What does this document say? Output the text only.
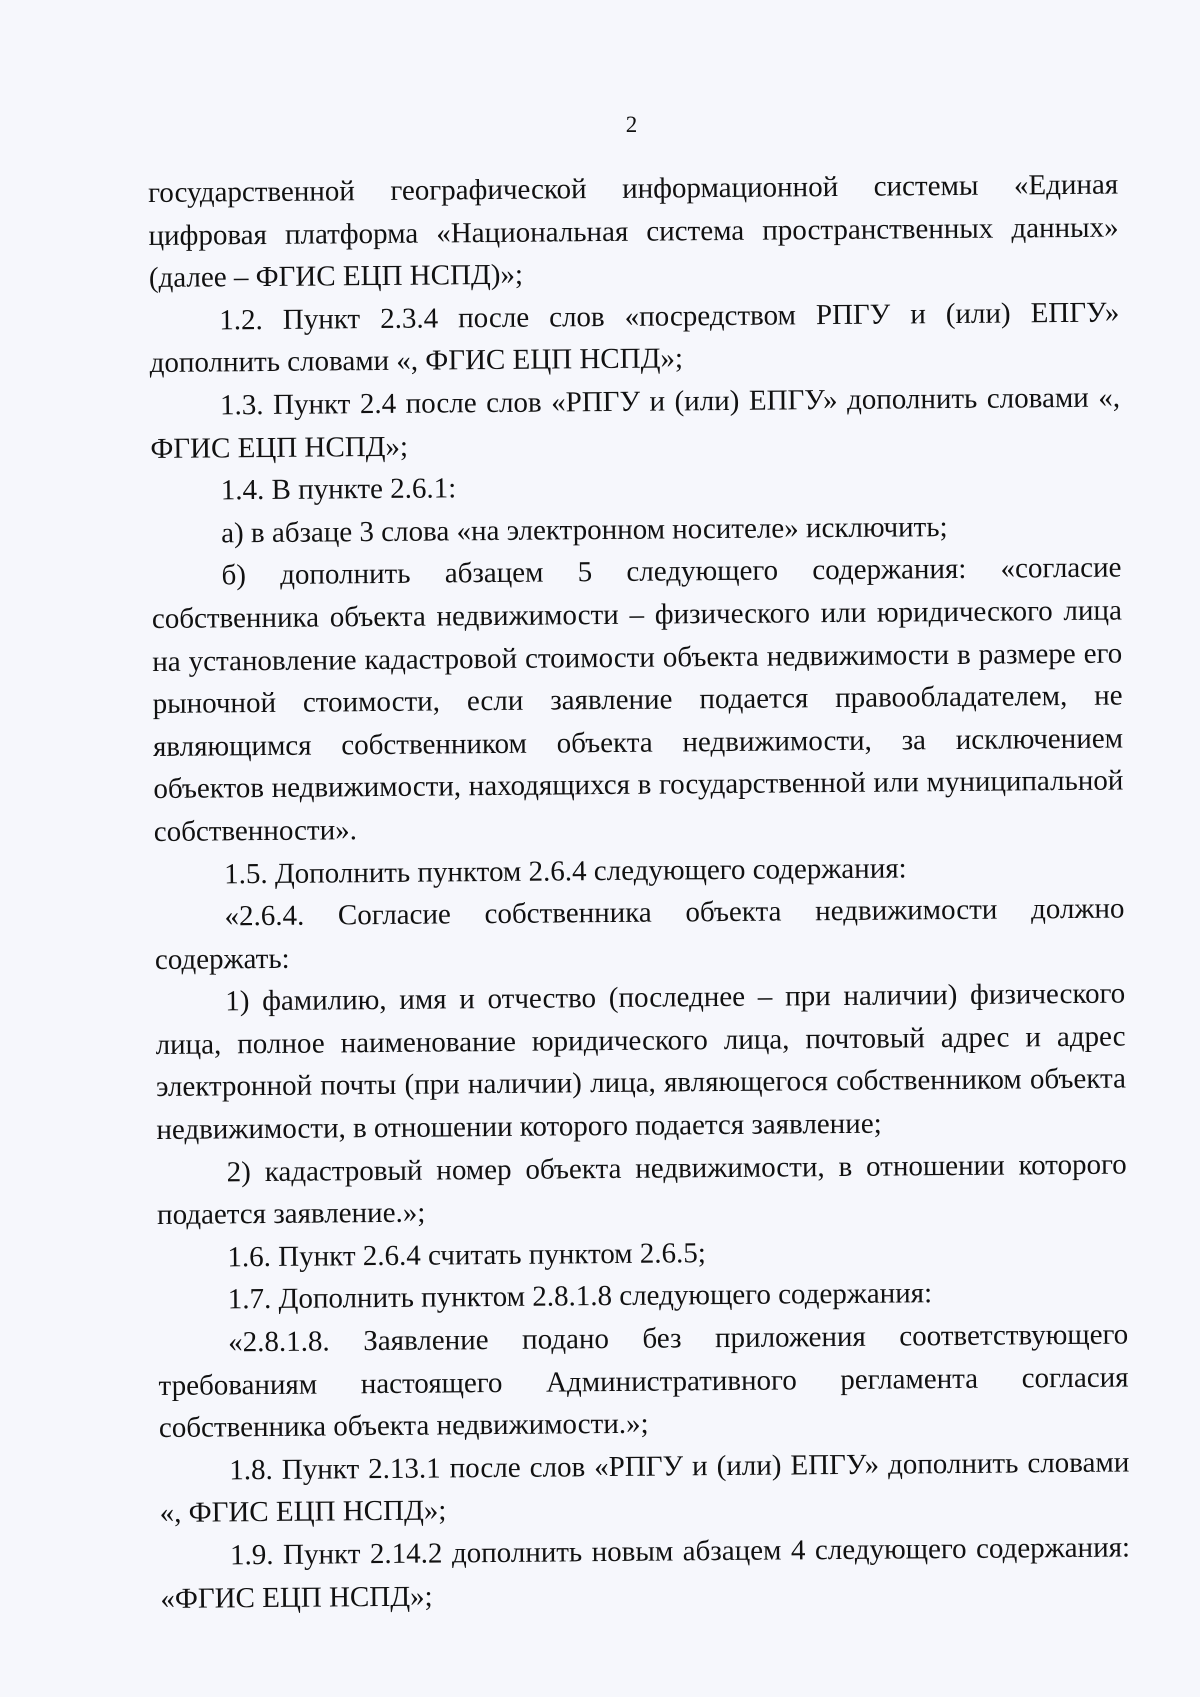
2

государственной географической информационной системы «Единая цифровая платформа «Национальная система пространственных данных» (далее – ФГИС ЕЦП НСПД)»;

1.2. Пункт 2.3.4 после слов «посредством РПГУ и (или) ЕПГУ» дополнить словами «, ФГИС ЕЦП НСПД»;

1.3. Пункт 2.4 после слов «РПГУ и (или) ЕПГУ» дополнить словами «, ФГИС ЕЦП НСПД»;

1.4. В пункте 2.6.1:

а) в абзаце 3 слова «на электронном носителе» исключить;

б) дополнить абзацем 5 следующего содержания: «согласие собственника объекта недвижимости – физического или юридического лица на установление кадастровой стоимости объекта недвижимости в размере его рыночной стоимости, если заявление подается правообладателем, не являющимся собственником объекта недвижимости, за исключением объектов недвижимости, находящихся в государственной или муниципальной собственности».

1.5. Дополнить пунктом 2.6.4 следующего содержания:

«2.6.4. Согласие собственника объекта недвижимости должно содержать:

1) фамилию, имя и отчество (последнее – при наличии) физического лица, полное наименование юридического лица, почтовый адрес и адрес электронной почты (при наличии) лица, являющегося собственником объекта недвижимости, в отношении которого подается заявление;

2) кадастровый номер объекта недвижимости, в отношении которого подается заявление.»;

1.6. Пункт 2.6.4 считать пунктом 2.6.5;

1.7. Дополнить пунктом 2.8.1.8 следующего содержания:

«2.8.1.8. Заявление подано без приложения соответствующего требованиям настоящего Административного регламента согласия собственника объекта недвижимости.»;

1.8. Пункт 2.13.1 после слов «РПГУ и (или) ЕПГУ» дополнить словами «, ФГИС ЕЦП НСПД»;

1.9. Пункт 2.14.2 дополнить новым абзацем 4 следующего содержания: «ФГИС ЕЦП НСПД»;
